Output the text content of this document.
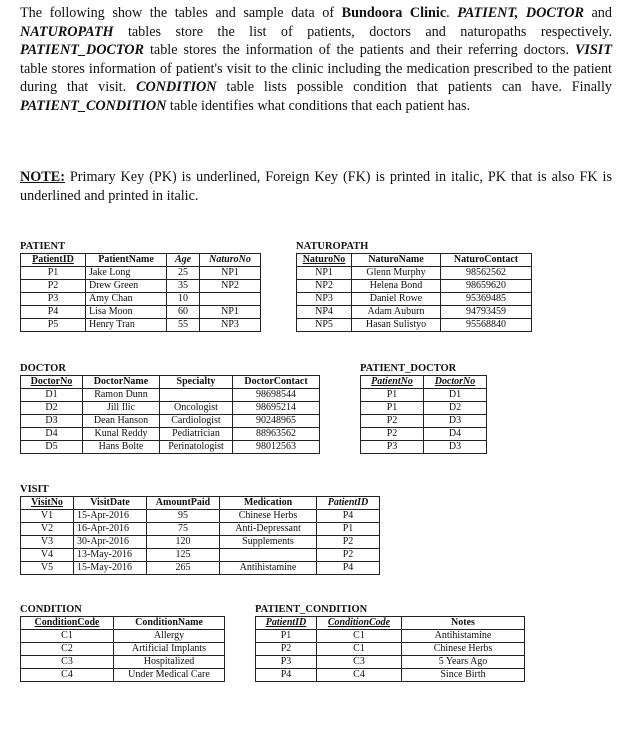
The following show the tables and sample data of Bundoora Clinic. PATIENT, DOCTOR and NATUROPATH tables store the list of patients, doctors and naturopaths respectively. PATIENT_DOCTOR table stores the information of the patients and their referring doctors. VISIT table stores information of patient's visit to the clinic including the medication prescribed to the patient during that visit. CONDITION table lists possible condition that patients can have. Finally PATIENT_CONDITION table identifies what conditions that each patient has.

NOTE: Primary Key (PK) is underlined, Foreign Key (FK) is printed in italic, PK that is also FK is underlined and printed in italic.

PATIENT
PatientID	PatientName	Age	NaturoNo
P1	Jake Long	25	NP1
P2	Drew Green	35	NP2
P3	Amy Chan	10	
P4	Lisa Moon	60	NP1
P5	Henry Tran	55	NP3
NATUROPATH
NaturoNo	NaturoName	NaturoContact
NP1	Glenn Murphy	98562562
NP2	Helena Bond	98659620
NP3	Daniel Rowe	95369485
NP4	Adam Auburn	94793459
NP5	Hasan Sulistyo	95568840
DOCTOR
DoctorNo	DoctorName	Specialty	DoctorContact
D1	Ramon Dunn		98698544
D2	Jill Ilic	Oncologist	98695214
D3	Dean Hanson	Cardiologist	90248965
D4	Kunal Reddy	Pediatrician	88963562
D5	Hans Bolte	Perinatologist	98012563
PATIENT_DOCTOR
PatientNo	DoctorNo
P1	D1
P1	D2
P2	D3
P2	D4
P3	D3
VISIT
VisitNo	VisitDate	AmountPaid	Medication	PatientID
V1	15-Apr-2016	95	Chinese Herbs	P4
V2	16-Apr-2016	75	Anti-Depressant	P1
V3	30-Apr-2016	120	Supplements	P2
V4	13-May-2016	125		P2
V5	15-May-2016	265	Antihistamine	P4
CONDITION
ConditionCode	ConditionName
C1	Allergy
C2	Artificial Implants
C3	Hospitalized
C4	Under Medical Care
PATIENT_CONDITION
PatientID	ConditionCode	Notes
P1	C1	Antihistamine
P2	C1	Chinese Herbs
P3	C3	5 Years Ago
P4	C4	Since Birth
